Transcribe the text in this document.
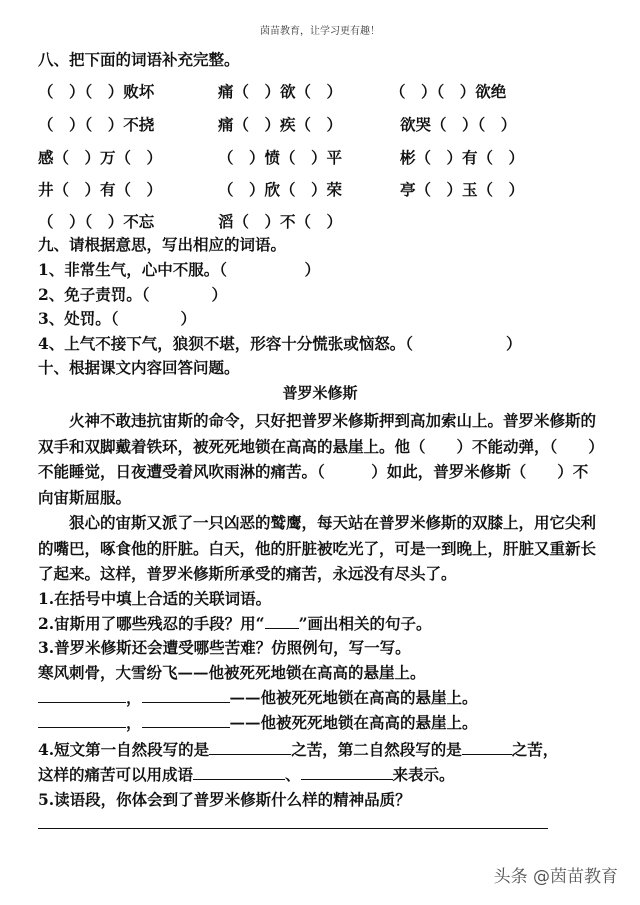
茵苗教育，让学习更有趣！
八、把下面的词语补充完整。
（　）（　）败坏	痛（　）欲（　）	（　）（　）欲绝
（　）（　）不挠	痛（　）疾（　）	欲哭（　）（　）
感（　）万（　）	（　）愤（　）平	彬（　）有（　）
井（　）有（　）	（　）欣（　）荣	亭（　）玉（　）
（　）（　）不忘	滔（　）不（　）
九、请根据意思，写出相应的词语。
1、非常生气，心中不服。（　　　　　）
2、免子责罚。（　　　　）
3、处罚。（　　　　）
4、上气不接下气，狼狈不堪，形容十分慌张或恼怒。（　　　　　　）
十、根据课文内容回答问题。
普罗米修斯
　　火神不敢违抗宙斯的命令，只好把普罗米修斯押到高加索山上。普罗米修斯的双手和双脚戴着铁环，被死死地锁在高高的悬崖上。他（　　）不能动弹，（　　）不能睡觉，日夜遭受着风吹雨淋的痛苦。（　　　）如此，普罗米修斯（　　）不向宙斯屈服。
　　狠心的宙斯又派了一只凶恶的鹫鹰，每天站在普罗米修斯的双膝上，用它尖利的嘴巴，啄食他的肝脏。白天，他的肝脏被吃光了，可是一到晚上，肝脏又重新长了起来。这样，普罗米修斯所承受的痛苦，永远没有尽头了。
1.在括号中填上合适的关联词语。
2.宙斯用了哪些残忍的手段？用“ ”画出相关的句子。
3.普罗米修斯还会遭受哪些苦难？仿照例句，写一写。
寒风刺骨，大雪纷飞——他被死死地锁在高高的悬崖上。
，	——他被死死地锁在高高的悬崖上。
，	——他被死死地锁在高高的悬崖上。
4.短文第一自然段写的是	之苦，第二自然段写的是	之苦，
这样的痛苦可以用成语	、	来表示。
5.读语段，你体会到了普罗米修斯什么样的精神品质？
头条 @茵苗教育
